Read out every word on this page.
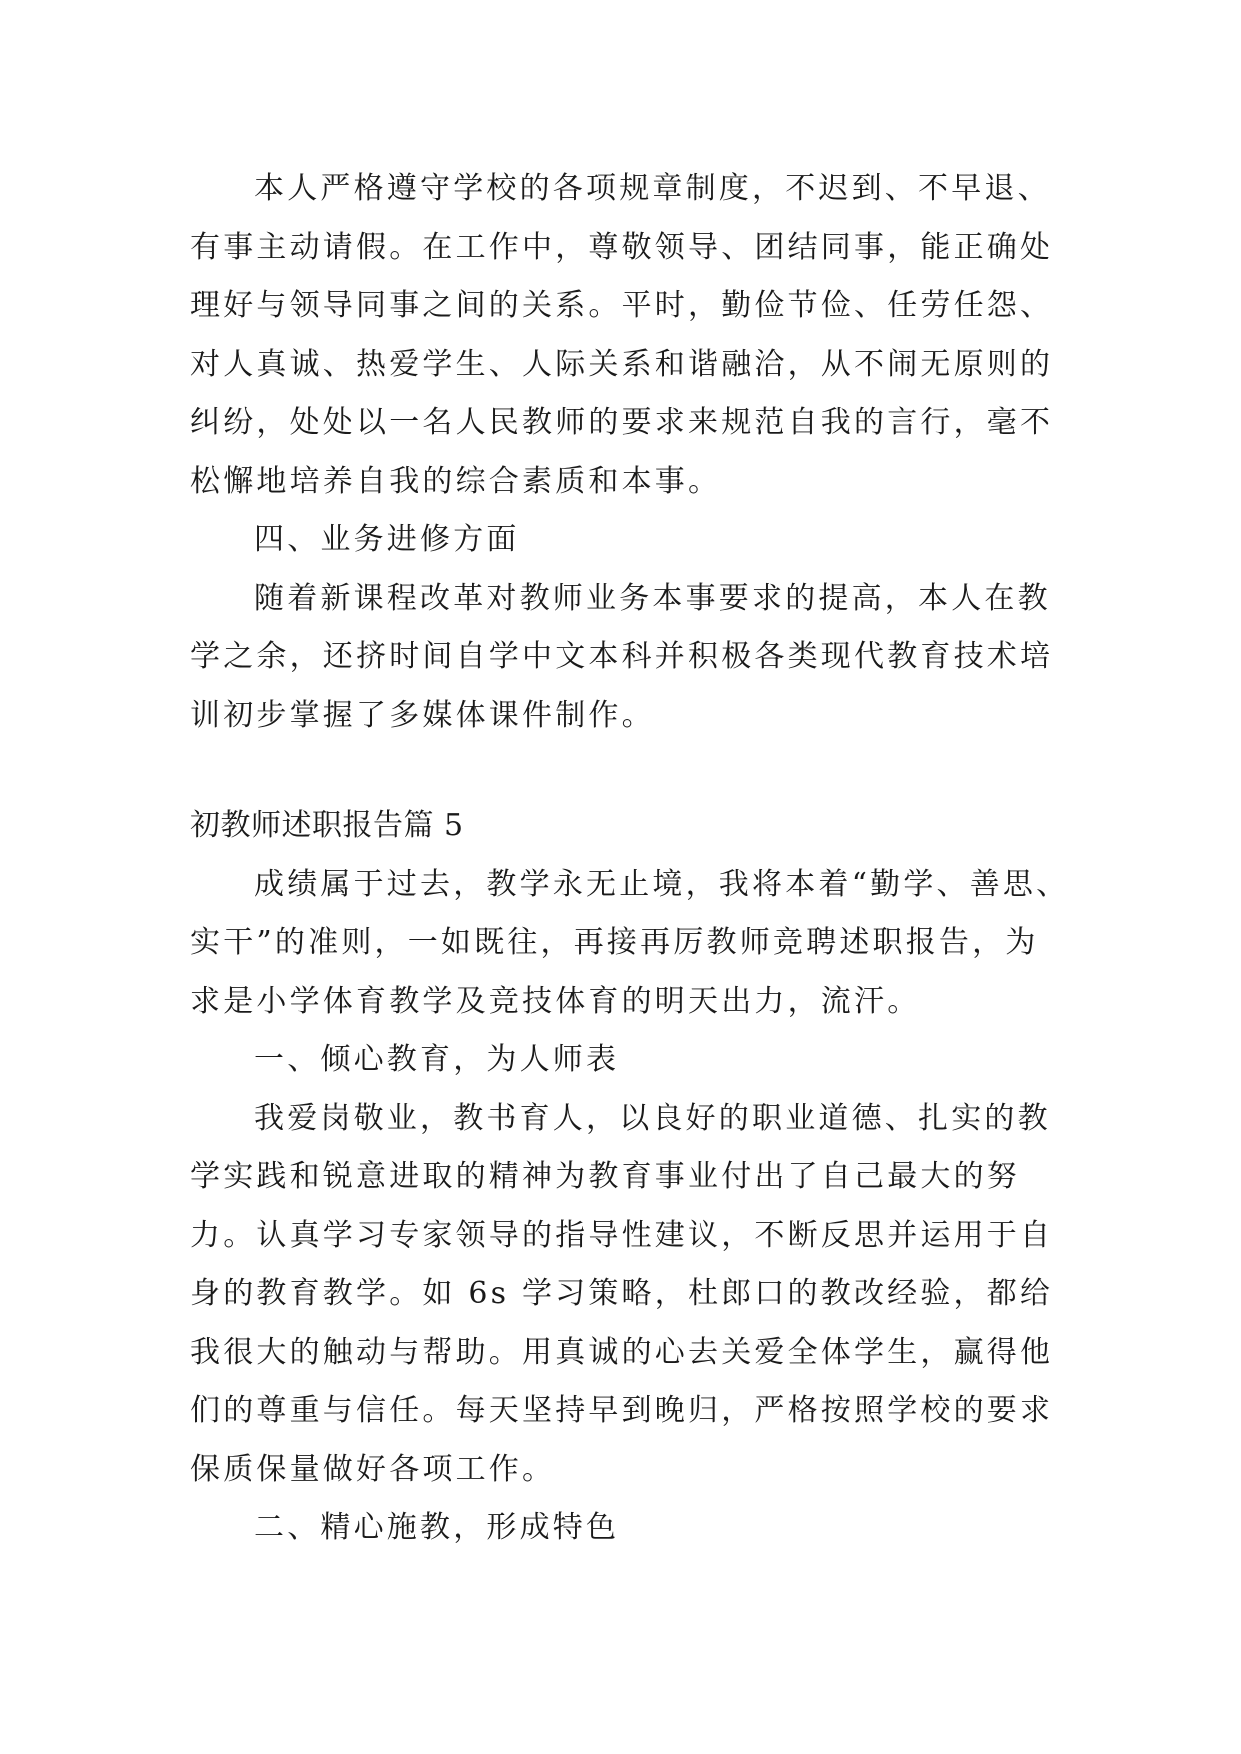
本人严格遵守学校的各项规章制度，不迟到、不早退、
有事主动请假。在工作中，尊敬领导、团结同事，能正确处
理好与领导同事之间的关系。平时，勤俭节俭、任劳任怨、
对人真诚、热爱学生、人际关系和谐融洽，从不闹无原则的
纠纷，处处以一名人民教师的要求来规范自我的言行，毫不
松懈地培养自我的综合素质和本事。
四、业务进修方面
随着新课程改革对教师业务本事要求的提高，本人在教
学之余，还挤时间自学中文本科并积极各类现代教育技术培
训初步掌握了多媒体课件制作。
初教师述职报告篇 5
成绩属于过去，教学永无止境，我将本着“勤学、善思、
实干”的准则，一如既往，再接再厉教师竞聘述职报告，为
求是小学体育教学及竞技体育的明天出力，流汗。
一、倾心教育，为人师表
我爱岗敬业，教书育人，以良好的职业道德、扎实的教
学实践和锐意进取的精神为教育事业付出了自己最大的努
力。认真学习专家领导的指导性建议，不断反思并运用于自
身的教育教学。如 6s 学习策略，杜郎口的教改经验，都给
我很大的触动与帮助。用真诚的心去关爱全体学生，赢得他
们的尊重与信任。每天坚持早到晚归，严格按照学校的要求
保质保量做好各项工作。
二、精心施教，形成特色
